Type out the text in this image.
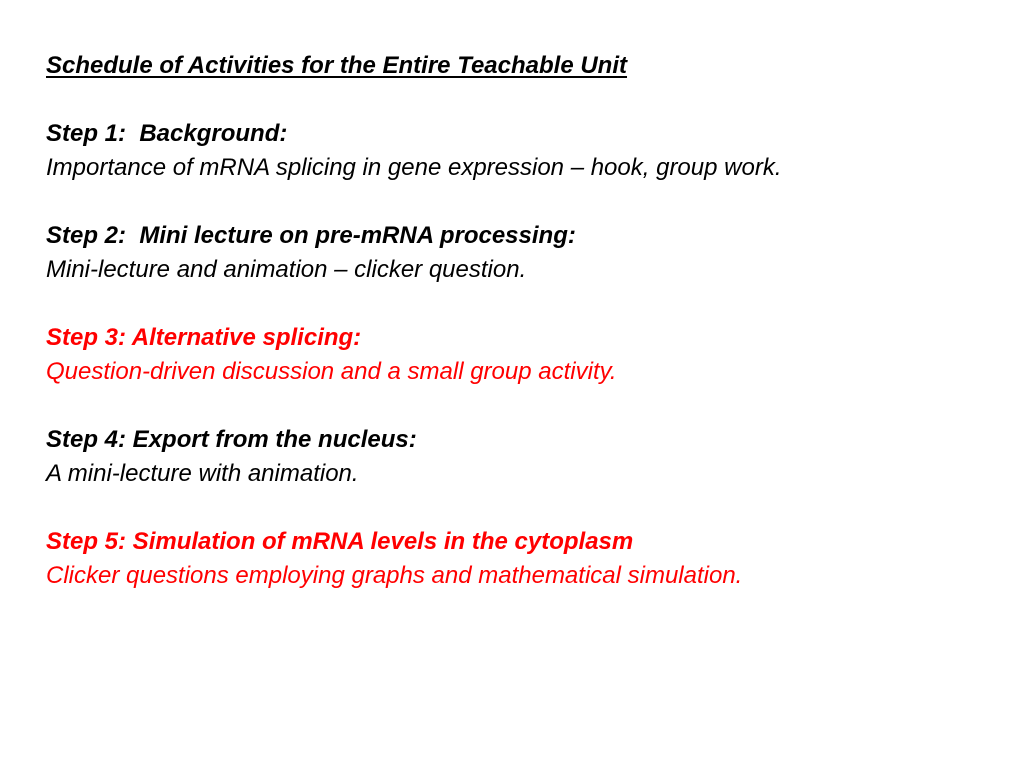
Schedule of Activities for the Entire Teachable Unit

Step 1:  Background:

Importance of mRNA splicing in gene expression – hook, group work.

Step 2:  Mini lecture on pre-mRNA processing:

Mini-lecture and animation – clicker question.

Step 3: Alternative splicing:

Question-driven discussion and a small group activity.

Step 4: Export from the nucleus:

A mini-lecture with animation.

Step 5: Simulation of mRNA levels in the cytoplasm

Clicker questions employing graphs and mathematical simulation.
